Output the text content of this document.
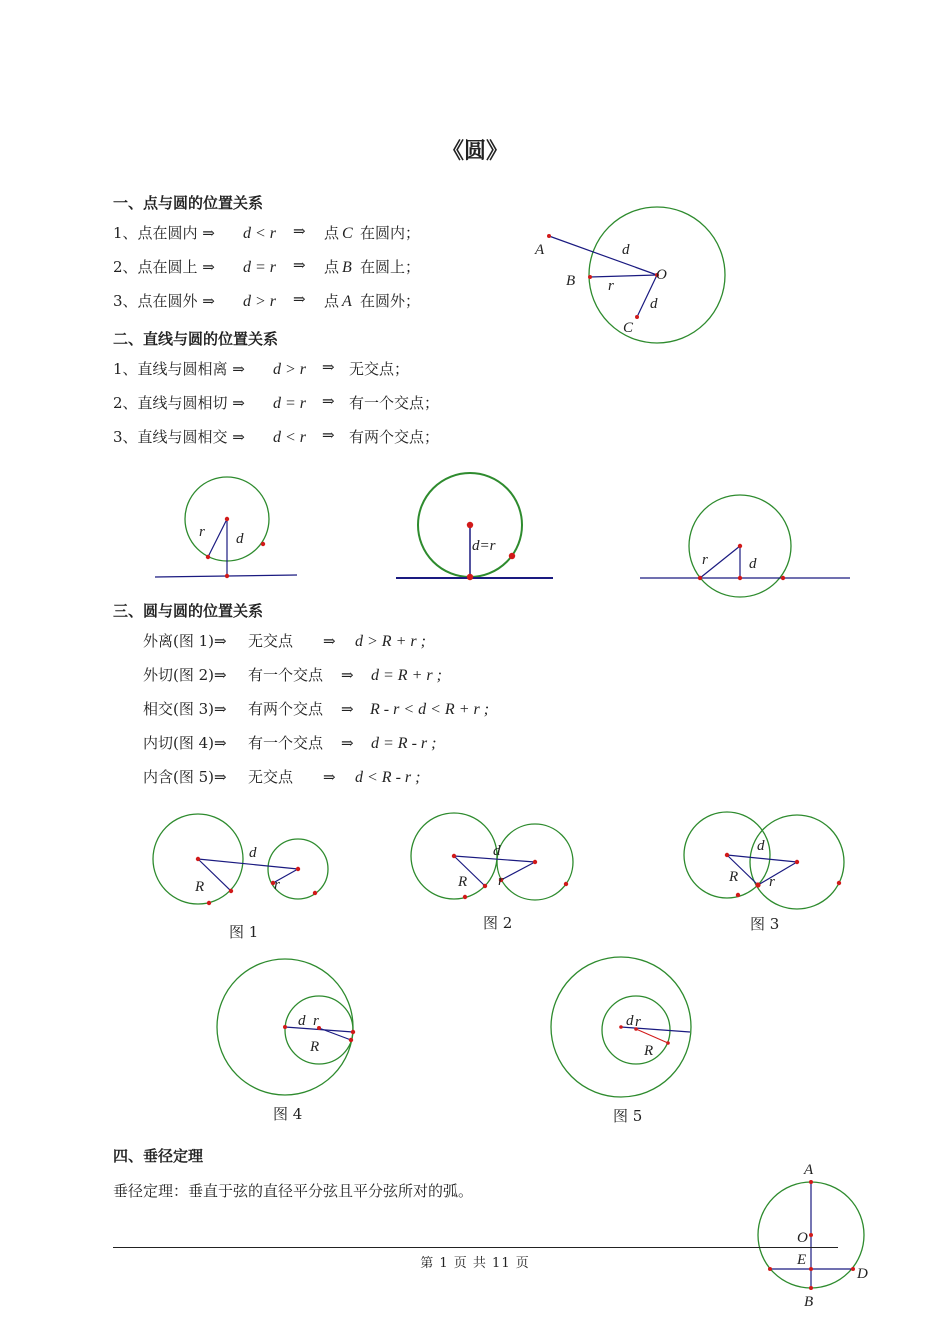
《圆》
一、点与圆的位置关系
1、点在圆内 ⇒ d < r ⇒ 点 C 在圆内；
2、点在圆上 ⇒ d = r ⇒ 点 B 在圆上；
3、点在圆外 ⇒ d > r ⇒ 点 A 在圆外；
A
B
C
O
d
r
d
二、直线与圆的位置关系
1、直线与圆相离 ⇒ d > r ⇒ 无交点；
2、直线与圆相切 ⇒ d = r ⇒ 有一个交点；
3、直线与圆相交 ⇒ d < r ⇒ 有两个交点；
r d	d=r
r	d
三、圆与圆的位置关系
外离(图 1)⇒ 无交点 ⇒ d > R + r ;
外切(图 2)⇒ 有一个交点 ⇒ d = R + r ;
相交(图 3)⇒ 有两个交点 ⇒ R - r < d < R + r ;
内切(图 4)⇒ 有一个交点 ⇒ d = R - r ;
内含(图 5)⇒ 无交点 ⇒ d < R - r ;
d
R	r
d
R r
d
R r
d r
R
d r
R
图 1	图 2	图 3
图 4	图 5
四、垂径定理
垂径定理：垂直于弦的直径平分弦且平分弦所对的弧。
A
O
E
D
B
第 1 页 共 11 页
